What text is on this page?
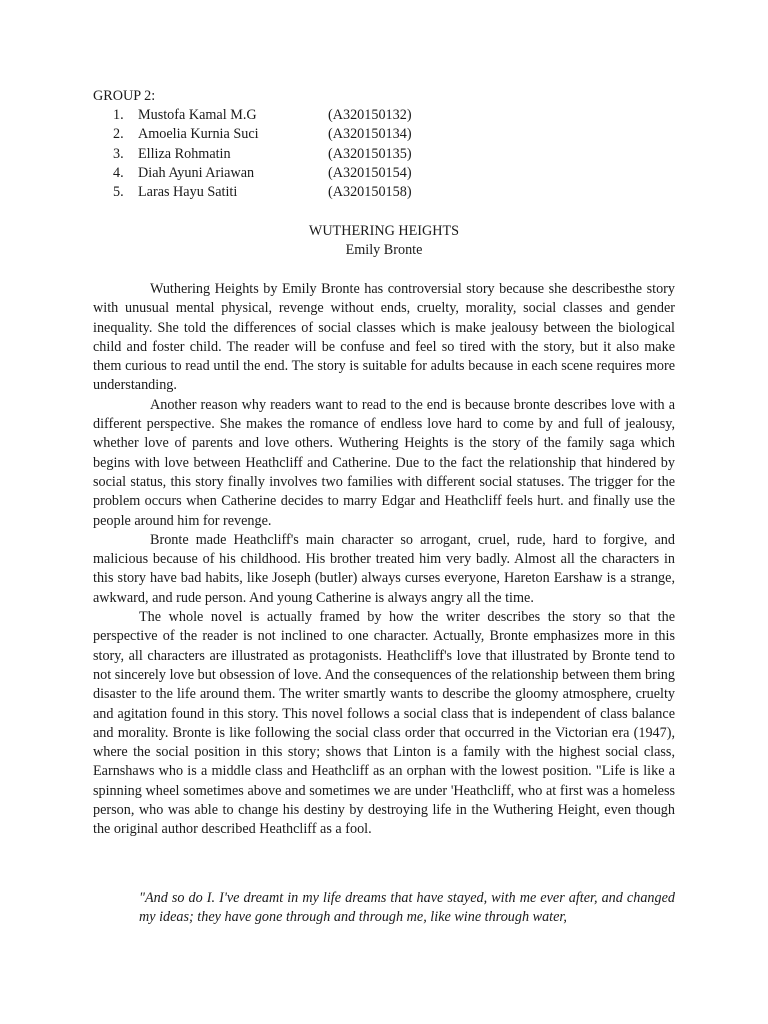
GROUP 2:
1.	Mustofa Kamal M.G	(A320150132)
2.	Amoelia Kurnia Suci	(A320150134)
3.	Elliza Rohmatin	(A320150135)
4.	Diah Ayuni Ariawan	(A320150154)
5.	Laras Hayu Satiti	(A320150158)
WUTHERING HEIGHTS
Emily Bronte

Wuthering Heights by Emily Bronte has controversial story because she describesthe story with unusual mental physical, revenge without ends, cruelty, morality, social classes and gender inequality. She told the differences of social classes which is make jealousy between the biological child and foster child. The reader will be confuse and feel so tired with the story, but it also make them curious to read until the end. The story is suitable for adults because in each scene requires more understanding.

Another reason why readers want to read to the end is because bronte describes love with a different perspective. She makes the romance of endless love hard to come by and full of jealousy, whether love of parents and love others. Wuthering Heights is the story of the family saga which begins with love between Heathcliff and Catherine. Due to the fact the relationship that hindered by social status, this story finally involves two families with different social statuses. The trigger for the problem occurs when Catherine decides to marry Edgar and Heathcliff feels hurt. and finally use the people around him for revenge.

Bronte made Heathcliff's main character so arrogant, cruel, rude, hard to forgive, and malicious because of his childhood. His brother treated him very badly. Almost all the characters in this story have bad habits, like Joseph (butler) always curses everyone, Hareton Earshaw is a strange, awkward, and rude person. And young Catherine is always angry all the time.

The whole novel is actually framed by how the writer describes the story so that the perspective of the reader is not inclined to one character. Actually, Bronte emphasizes more in this story, all characters are illustrated as protagonists. Heathcliff's love that illustrated by Bronte tend to not sincerely love but obsession of love. And the consequences of the relationship between them bring disaster to the life around them. The writer smartly wants to describe the gloomy atmosphere, cruelty and agitation found in this story. This novel follows a social class that is independent of class balance and morality. Bronte is like following the social class order that occurred in the Victorian era (1947), where the social position in this story; shows that Linton is a family with the highest social class, Earnshaws who is a middle class and Heathcliff as an orphan with the lowest position. "Life is like a spinning wheel sometimes above and sometimes we are under 'Heathcliff, who at first was a homeless person, who was able to change his destiny by destroying life in the Wuthering Height, even though the original author described Heathcliff as a fool.

"And so do I. I've dreamt in my life dreams that have stayed, with me ever after, and changed my ideas; they have gone through and through me, like wine through water,
